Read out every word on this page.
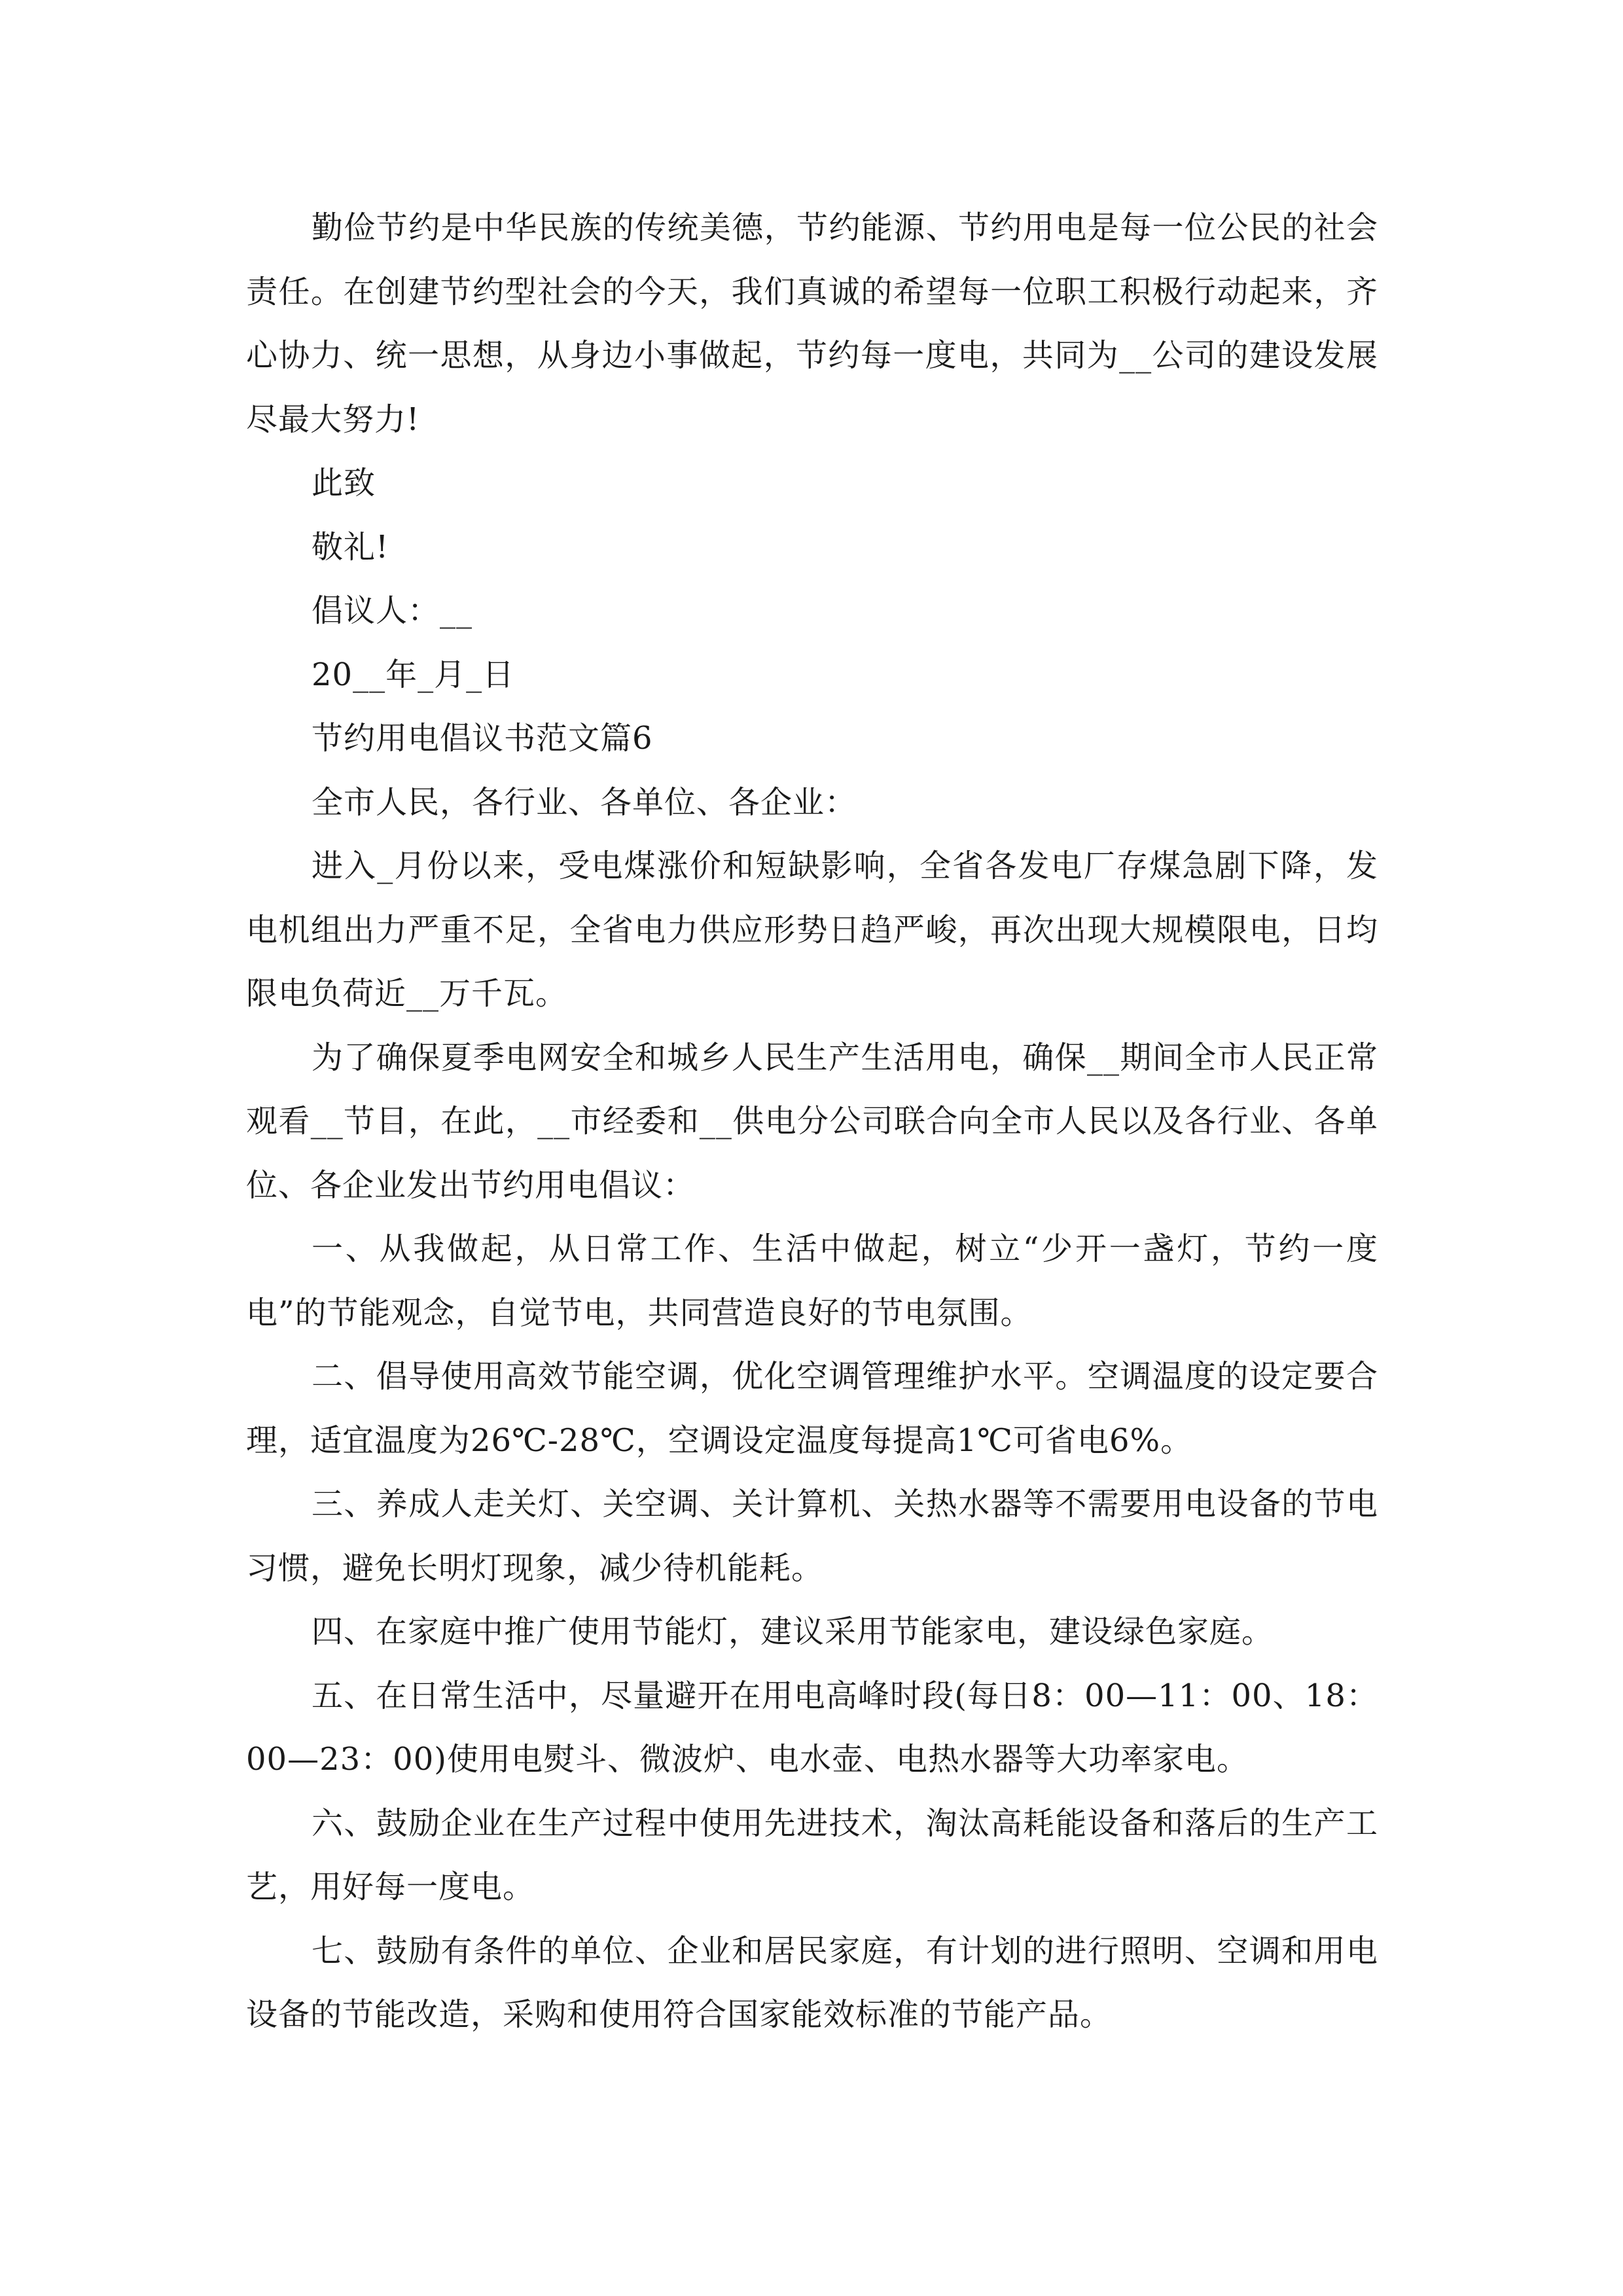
勤俭节约是中华民族的传统美德，节约能源、节约用电是每一位公民的社会责任。在创建节约型社会的今天，我们真诚的希望每一位职工积极行动起来，齐心协力、统一思想，从身边小事做起，节约每一度电，共同为__公司的建设发展尽最大努力!

此致

敬礼!

倡议人：__

20__年_月_日

节约用电倡议书范文篇6

全市人民，各行业、各单位、各企业：

进入_月份以来，受电煤涨价和短缺影响，全省各发电厂存煤急剧下降，发电机组出力严重不足，全省电力供应形势日趋严峻，再次出现大规模限电，日均限电负荷近__万千瓦。

为了确保夏季电网安全和城乡人民生产生活用电，确保__期间全市人民正常观看__节目，在此，__市经委和__供电分公司联合向全市人民以及各行业、各单位、各企业发出节约用电倡议：

一、从我做起，从日常工作、生活中做起，树立“少开一盏灯，节约一度电”的节能观念，自觉节电，共同营造良好的节电氛围。

二、倡导使用高效节能空调，优化空调管理维护水平。空调温度的设定要合理，适宜温度为26℃-28℃，空调设定温度每提高1℃可省电6%。

三、养成人走关灯、关空调、关计算机、关热水器等不需要用电设备的节电习惯，避免长明灯现象，减少待机能耗。

四、在家庭中推广使用节能灯，建议采用节能家电，建设绿色家庭。

五、在日常生活中，尽量避开在用电高峰时段(每日8：00—11：00、18：00—23：00)使用电熨斗、微波炉、电水壶、电热水器等大功率家电。

六、鼓励企业在生产过程中使用先进技术，淘汰高耗能设备和落后的生产工艺，用好每一度电。

七、鼓励有条件的单位、企业和居民家庭，有计划的进行照明、空调和用电设备的节能改造，采购和使用符合国家能效标准的节能产品。
